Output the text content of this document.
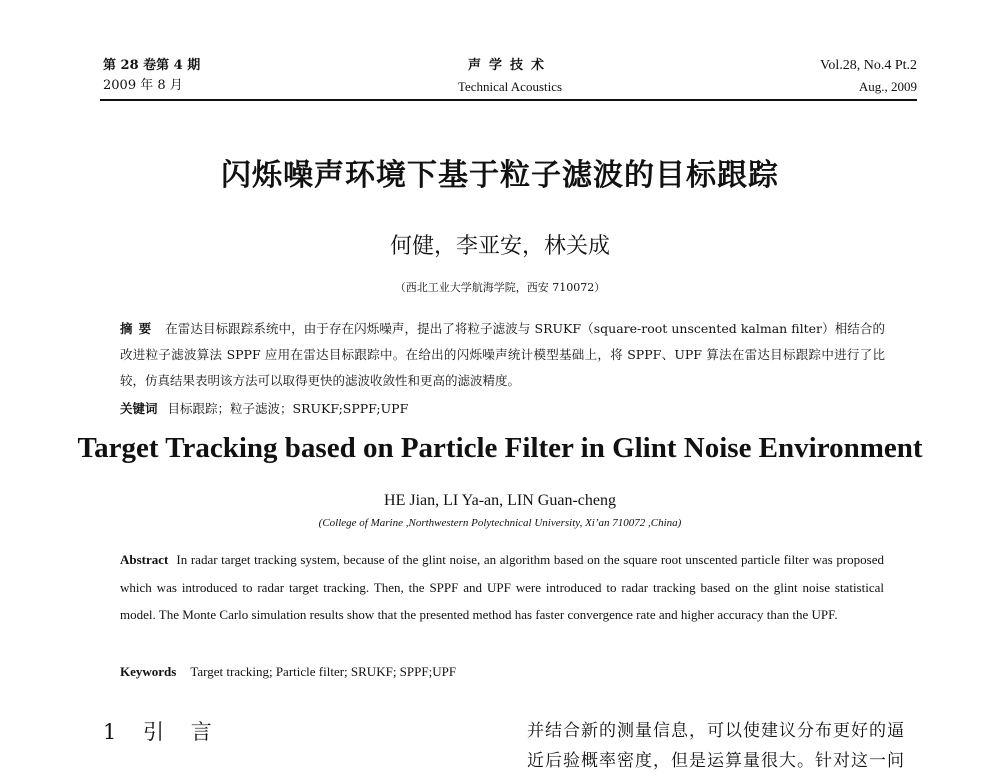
第 28 卷第 4 期
2009 年 8 月
声学技术
Technical Acoustics
Vol.28, No.4 Pt.2
Aug., 2009
闪烁噪声环境下基于粒子滤波的目标跟踪
何健，李亚安，林关成
（西北工业大学航海学院，西安 710072）
摘要 在雷达目标跟踪系统中，由于存在闪烁噪声，提出了将粒子滤波与 SRUKF（square-root unscented kalman filter）相结合的改进粒子滤波算法 SPPF 应用在雷达目标跟踪中。在给出的闪烁噪声统计模型基础上，将 SPPF、UPF 算法在雷达目标跟踪中进行了比较，仿真结果表明该方法可以取得更快的滤波收敛性和更高的滤波精度。
关键词 目标跟踪；粒子滤波；SRUKF;SPPF;UPF
Target Tracking based on Particle Filter in Glint Noise Environment
HE Jian, LI Ya-an, LIN Guan-cheng
(College of Marine ,Northwestern Polytechnical University, Xi’an 710072 ,China)
Abstract In radar target tracking system, because of the glint noise, an algorithm based on the square root unscented particle filter was proposed which was introduced to radar target tracking. Then, the SPPF and UPF were introduced to radar tracking based on the glint noise statistical model. The Monte Carlo simulation results show that the presented method has faster convergence rate and higher accuracy than the UPF.
Keywords Target tracking; Particle filter; SRUKF; SPPF;UPF
1 引 言	并结合新的测量信息，可以使建议分布更好的逼近后验概率密度，但是运算量很大。针对这一问
